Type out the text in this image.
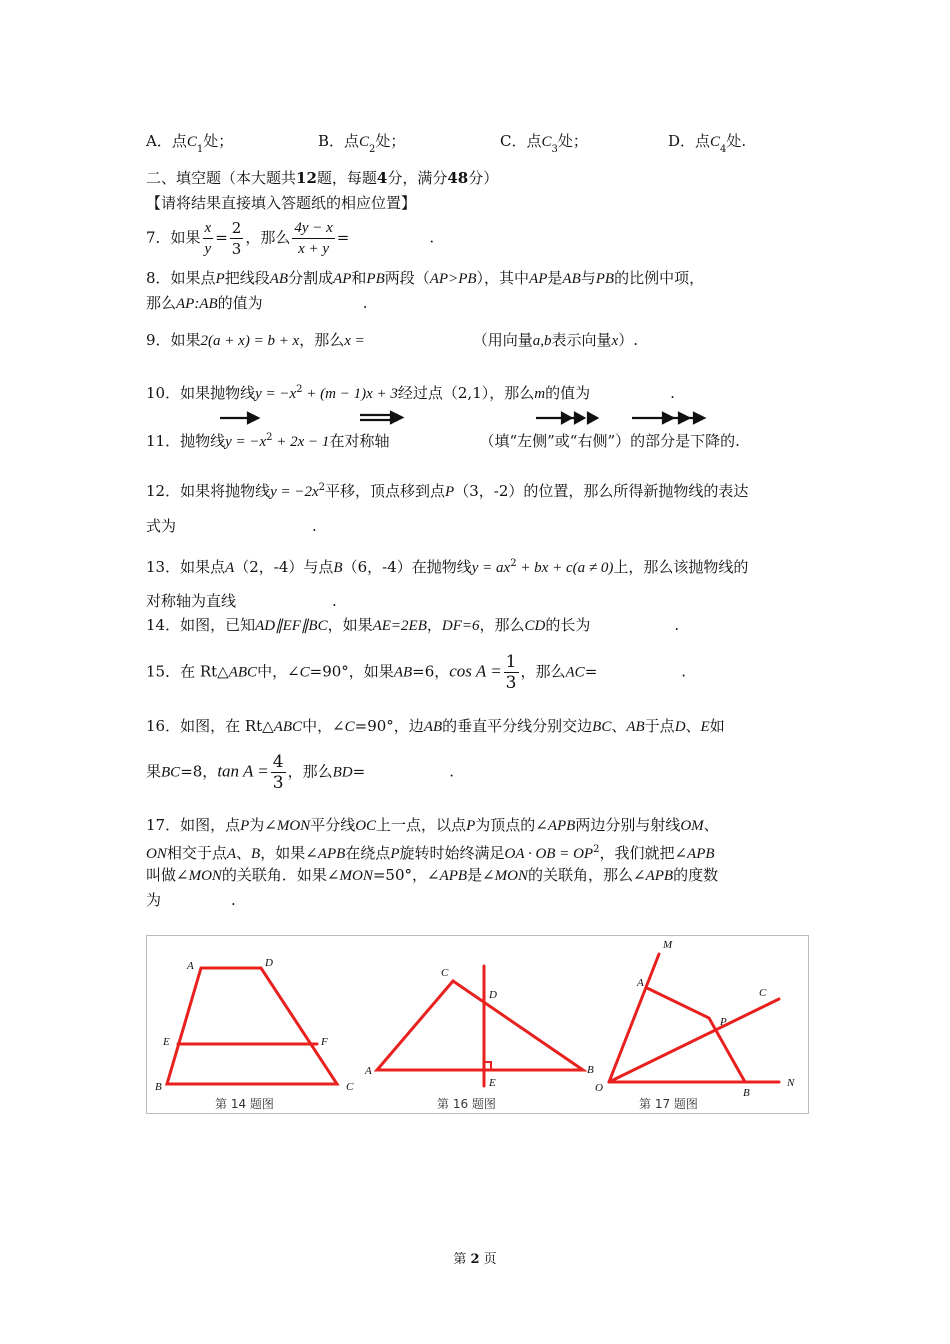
A．点$C_1$处；	B．点$C_2$处；	C．点$C_3$处；	D．点$C_4$处.
二、填空题（本大题共12题，每题4分，满分48分）
【请将结果直接填入答题纸的相应位置】
7．如果 $\frac{x}{y} = \frac{2}{3}$ ，那么 $\frac{4y - x}{x + y}$ =	.
8．如果点P把线段AB分割成AP和PB两段（AP>PB），其中AP是AB与PB的比例中项，
那么AP:AB的值为	.
9．如果2(a + x) = b + x，那么x =	（用向量a,b表示向量x）.
10．如果抛物线$y = -x^2 + (m - 1)x + 3$经过点（2,1），那么m的值为	.
11．抛物线$y = -x^2 + 2x - 1$在对称轴	（填“左侧”或“右侧”）的部分是下降的.
12．如果将抛物线$y = -2x^2$平移，顶点移到点P（3，-2）的位置，那么所得新抛物线的表达
式为	.
13．如果点A（2，-4）与点B（6，-4）在抛物线$y = ax^2$ + bx + c(a ≠ 0)上，那么该抛物线的
对称轴为直线	.
14．如图，已知AD∥EF∥BC，如果AE=2EB，DF=6，那么CD的长为	.
15．在 Rt△ABC中，∠C=90°，如果AB=6，$\cos A = \frac{1}{3}$ ，那么AC=	.
16．如图，在 Rt△ABC中，∠C=90°，边AB的垂直平分线分别交边BC、AB于点D、E如
果BC=8，$\tan A = \frac{4}{3}$ ，那么BD=	.
17．如图，点P为∠MON平分线OC上一点，以点P为顶点的∠APB两边分别与射线OM、
ON相交于点A、B，如果∠APB在绕点P旋转时始终满足OA · OB = $OP^2$，我们就把∠APB
叫做∠MON的关联角．如果∠MON=50°，∠APB是∠MON的关联角，那么∠APB的度数
为	.
A	D
E	F
B	C
第 14 题图
C
D
A
E
B
第 16 题图
M
A
C
P
O	B
N
第 17 题图
第 2 页
